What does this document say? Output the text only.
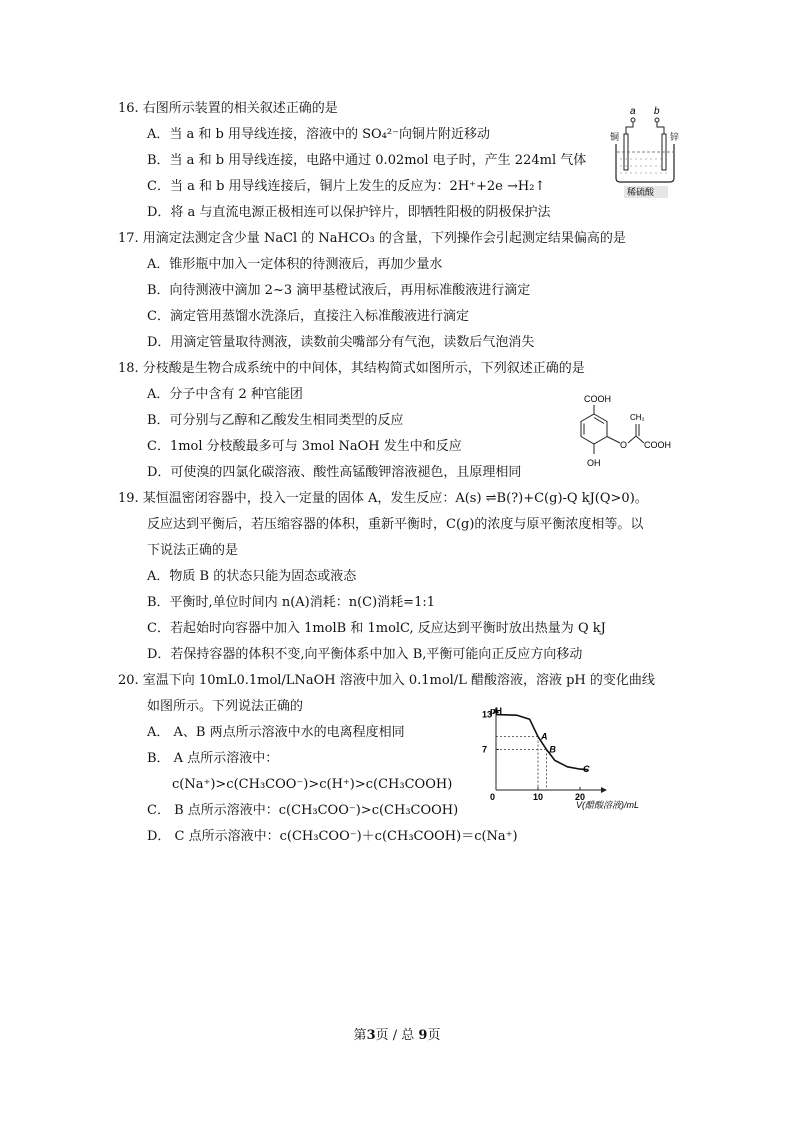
16. 右图所示装置的相关叙述正确的是
A．当 a 和 b 用导线连接，溶液中的 SO₄²⁻向铜片附近移动
B．当 a 和 b 用导线连接，电路中通过 0.02mol 电子时，产生 224ml 气体
C．当 a 和 b 用导线连接后，铜片上发生的反应为：2H⁺+2e →H₂↑
D．将 a 与直流电源正极相连可以保护锌片，即牺牲阳极的阴极保护法
a b
铜	锌
稀硫酸
17. 用滴定法测定含少量 NaCl 的 NaHCO₃ 的含量，下列操作会引起测定结果偏高的是
A．锥形瓶中加入一定体积的待测液后，再加少量水
B．向待测液中滴加 2~3 滴甲基橙试液后，再用标准酸液进行滴定
C．滴定管用蒸馏水洗涤后，直接注入标准酸液进行滴定
D．用滴定管量取待测液，读数前尖嘴部分有气泡，读数后气泡消失
18. 分枝酸是生物合成系统中的中间体，其结构简式如图所示，下列叙述正确的是
A．分子中含有 2 种官能团
B．可分别与乙醇和乙酸发生相同类型的反应
C．1mol 分枝酸最多可与 3mol NaOH 发生中和反应
D．可使溴的四氯化碳溶液、酸性高锰酸钾溶液褪色，且原理相同
COOH
OH
O
CH₂
COOH
19. 某恒温密闭容器中，投入一定量的固体 A，发生反应：A(s) ⇌B(?)+C(g)-Q kJ(Q>0)。
反应达到平衡后，若压缩容器的体积，重新平衡时，C(g)的浓度与原平衡浓度相等。以
下说法正确的是
A．物质 B 的状态只能为固态或液态
B．平衡时,单位时间内 n(A)消耗：n(C)消耗=1:1
C．若起始时向容器中加入 1molB 和 1molC, 反应达到平衡时放出热量为 Q kJ
D．若保持容器的体积不变,向平衡体系中加入 B,平衡可能向正反应方向移动
20. 室温下向 10mL0.1mol/LNaOH 溶液中加入 0.1mol/L 醋酸溶液，溶液 pH 的变化曲线
如图所示。下列说法正确的
A． A、B 两点所示溶液中水的电离程度相同
B． A 点所示溶液中：
c(Na⁺)>c(CH₃COO⁻)>c(H⁺)>c(CH₃COOH)
C． B 点所示溶液中：c(CH₃COO⁻)>c(CH₃COOH)
D． C 点所示溶液中：c(CH₃COO⁻)＋c(CH₃COOH)＝c(Na⁺)
pH
0
V(醋酸溶液)/mL
13
7
10	20
A
B
C
第3页 / 总 9页
